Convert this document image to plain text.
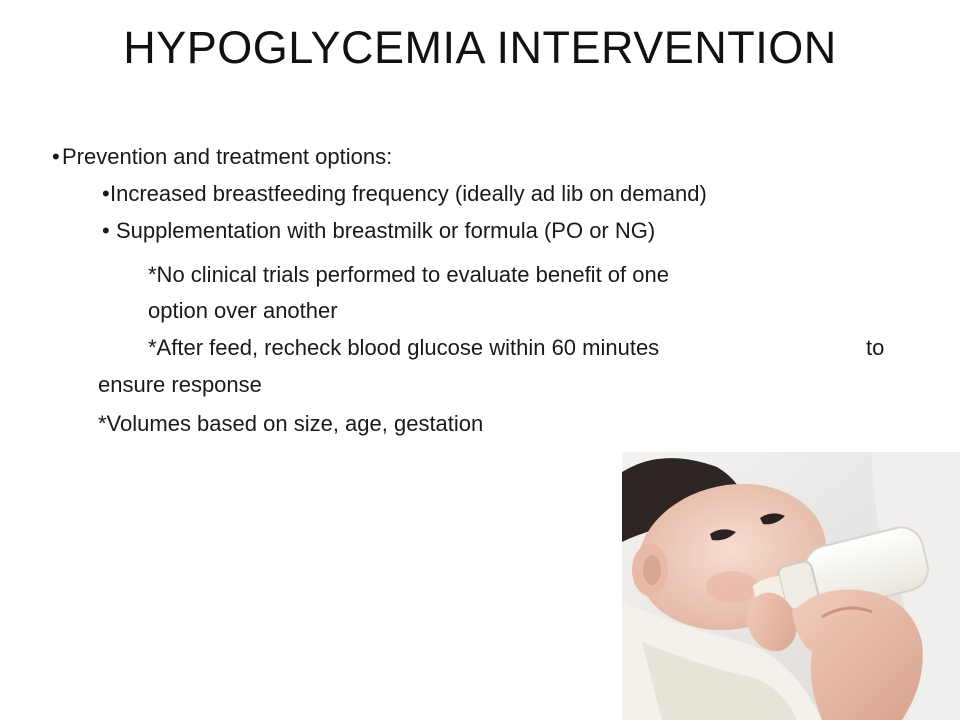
HYPOGLYCEMIA INTERVENTION
• Prevention and treatment options:
•Increased breastfeeding frequency (ideally ad lib on demand)
• Supplementation with breastmilk or formula (PO or NG)
*No clinical trials performed to evaluate benefit of one
option over another
*After feed, recheck blood glucose within 60 minutes	to
ensure response
*Volumes based on size, age, gestation
